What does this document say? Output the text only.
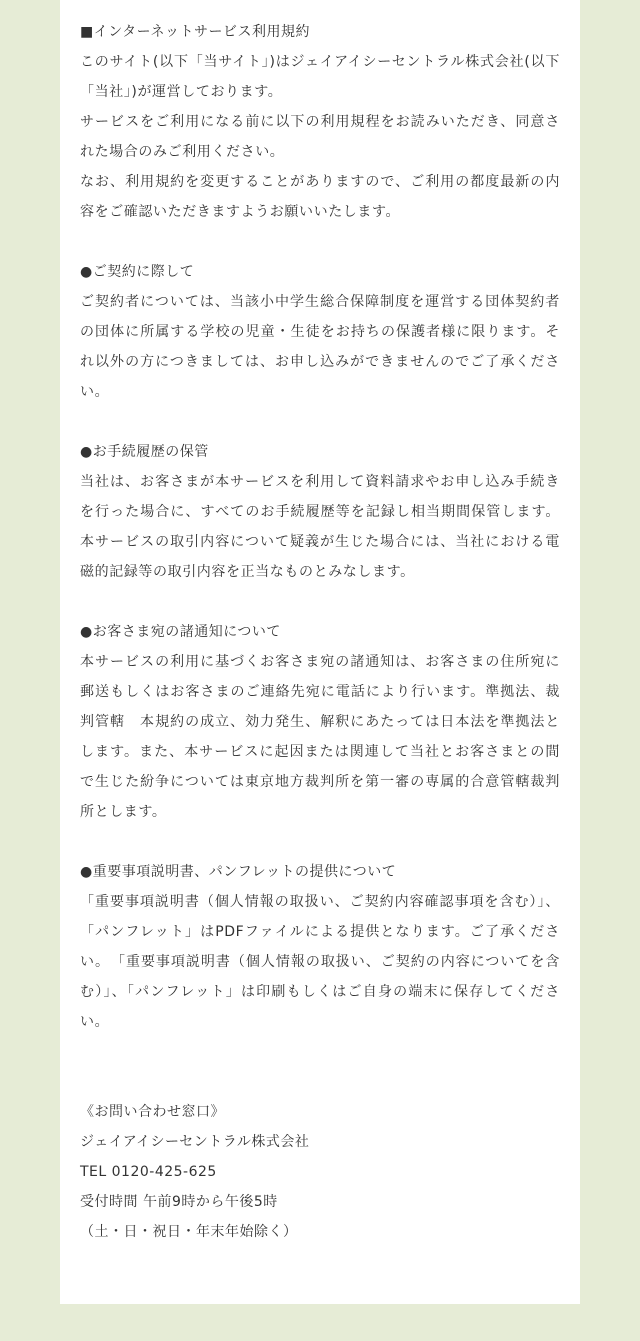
■インターネットサービス利用規約

このサイト(以下「当サイト」)はジェイアイシーセントラル株式会社(以下「当社」)が運営しております。

サービスをご利用になる前に以下の利用規程をお読みいただき、同意された場合のみご利用ください。

なお、利用規約を変更することがありますので、ご利用の都度最新の内容をご確認いただきますようお願いいたします。

●ご契約に際して

ご契約者については、当該小中学生総合保障制度を運営する団体契約者の団体に所属する学校の児童・生徒をお持ちの保護者様に限ります。それ以外の方につきましては、お申し込みができませんのでご了承ください。

●お手続履歴の保管

当社は、お客さまが本サービスを利用して資料請求やお申し込み手続きを行った場合に、すべてのお手続履歴等を記録し相当期間保管します。本サービスの取引内容について疑義が生じた場合には、当社における電磁的記録等の取引内容を正当なものとみなします。

●お客さま宛の諸通知について

本サービスの利用に基づくお客さま宛の諸通知は、お客さまの住所宛に郵送もしくはお客さまのご連絡先宛に電話により行います。準拠法、裁判管轄　本規約の成立、効力発生、解釈にあたっては日本法を準拠法とします。また、本サービスに起因または関連して当社とお客さまとの間で生じた紛争については東京地方裁判所を第一審の専属的合意管轄裁判所とします。

●重要事項説明書、パンフレットの提供について

「重要事項説明書（個人情報の取扱い、ご契約内容確認事項を含む）」、「パンフレット」はPDFファイルによる提供となります。ご了承ください。　「重要事項説明書（個人情報の取扱い、ご契約の内容についてを含む）」、「パンフレット」は印刷もしくはご自身の端末に保存してください。

《お問い合わせ窓口》
ジェイアイシーセントラル株式会社
TEL 0120-425-625
受付時間 午前9時から午後5時
（土・日・祝日・年末年始除く）
